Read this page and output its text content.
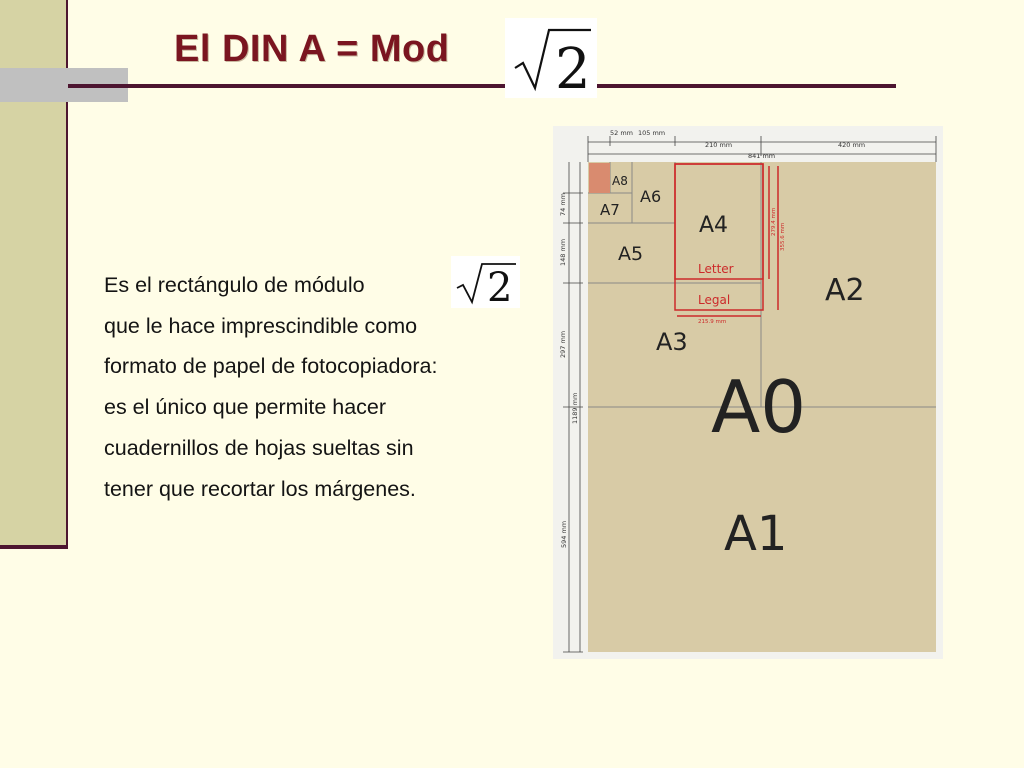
El DIN A = Mod 2
Es el rectángulo de módulo
que le hace imprescindible como
formato de papel de fotocopiadora:
es el único que permite hacer
cuadernillos de hojas sueltas sin
tener que recortar los márgenes.
2
52 mm 105 mm
210 mm	420 mm
841 mm
74 mm
148 mm
297 mm
1189 mm
594 mm
279.4 mm
355.6 mm
215.9 mm
A8
A7
A6
A5
A4
A3
A2
A0
A1
Letter
Legal
